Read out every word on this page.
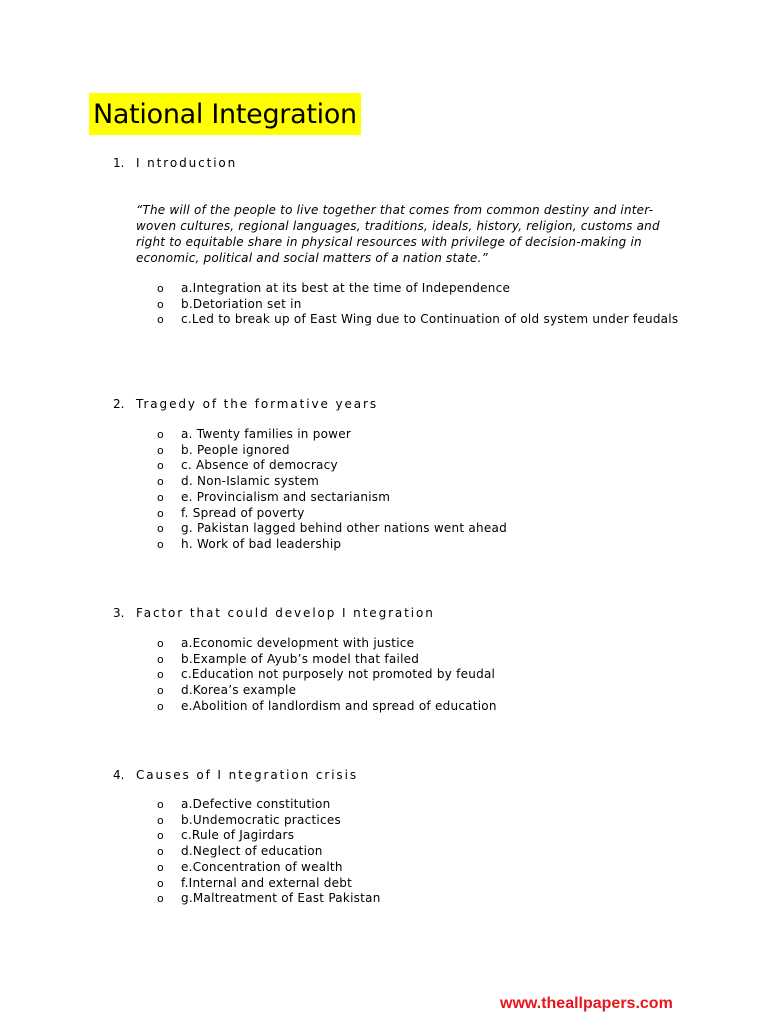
National Integration
1. I ntroduction
“The will of the people to live together that comes from common destiny and inter-woven cultures, regional languages, traditions, ideals, history, religion, customs and right to equitable share in physical resources with privilege of decision-making in economic, political and social matters of a nation state.”
o a.Integration at its best at the time of Independence
o b.Detoriation set in
o c.Led to break up of East Wing due to Continuation of old system under feudals
2. Tragedy of the formative years
o a. Twenty families in power
o b. People ignored
o c. Absence of democracy
o d. Non-Islamic system
o e. Provincialism and sectarianism
o f. Spread of poverty
o g. Pakistan lagged behind other nations went ahead
o h. Work of bad leadership
3. Factor that could develop I ntegration
o a.Economic development with justice
o b.Example of Ayub’s model that failed
o c.Education not purposely not promoted by feudal
o d.Korea’s example
o e.Abolition of landlordism and spread of education
4. Causes of I ntegration crisis
o a.Defective constitution
o b.Undemocratic practices
o c.Rule of Jagirdars
o d.Neglect of education
o e.Concentration of wealth
o f.Internal and external debt
o g.Maltreatment of East Pakistan
www.theallpapers.com
